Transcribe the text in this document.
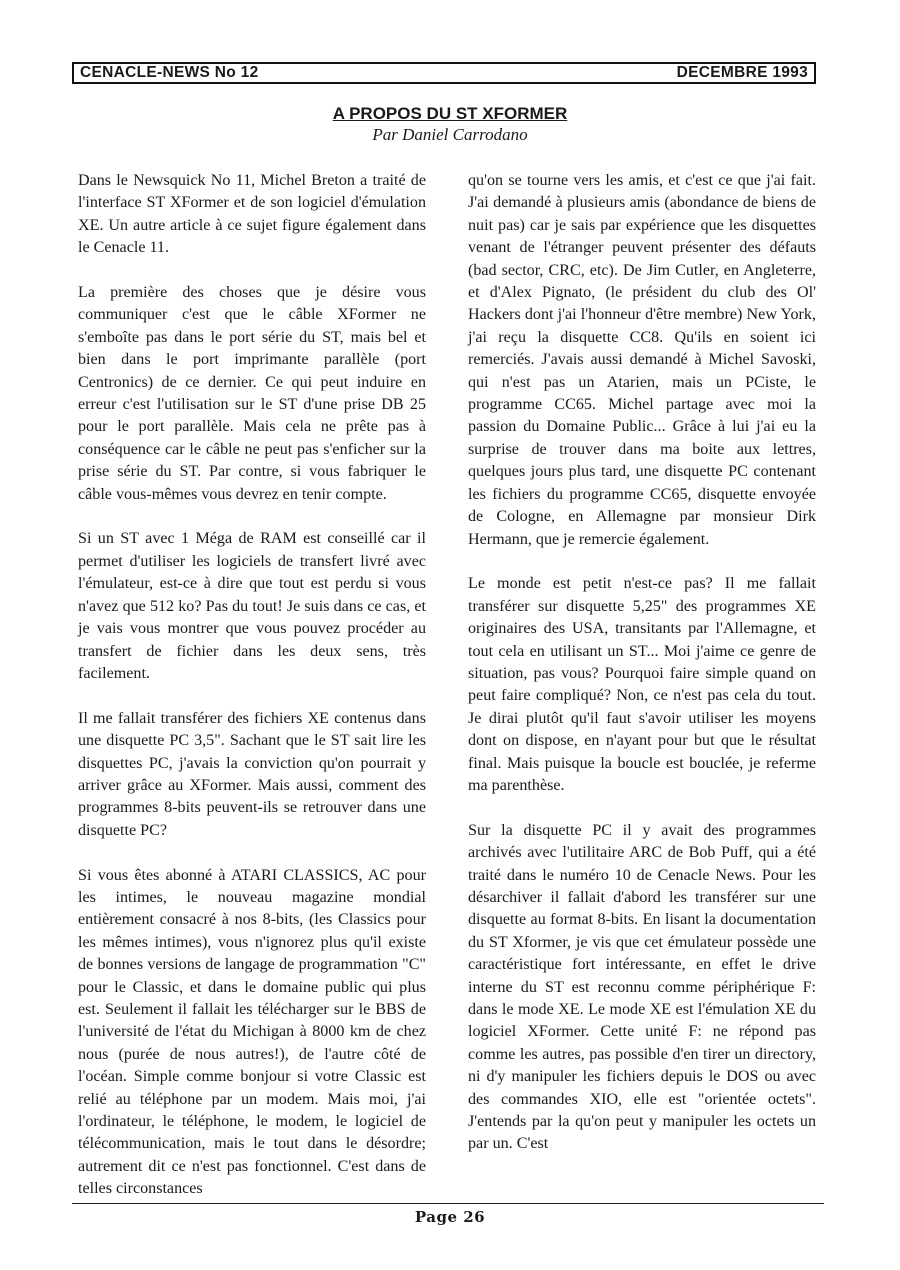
CENACLE-NEWS No 12	DECEMBRE 1993
A PROPOS DU ST XFORMER
Par Daniel Carrodano

Dans le Newsquick No 11, Michel Breton a traité de l'interface ST XFormer et de son logiciel d'émulation XE. Un autre article à ce sujet figure également dans le Cenacle 11.

La première des choses que je désire vous communiquer c'est que le câble XFormer ne s'emboîte pas dans le port série du ST, mais bel et bien dans le port imprimante parallèle (port Centronics) de ce dernier. Ce qui peut induire en erreur c'est l'utilisation sur le ST d'une prise DB 25 pour le port parallèle. Mais cela ne prête pas à conséquence car le câble ne peut pas s'enficher sur la prise série du ST. Par contre, si vous fabriquer le câble vous-mêmes vous devrez en tenir compte.

Si un ST avec 1 Méga de RAM est conseillé car il permet d'utiliser les logiciels de transfert livré avec l'émulateur, est-ce à dire que tout est perdu si vous n'avez que 512 ko? Pas du tout! Je suis dans ce cas, et je vais vous montrer que vous pouvez procéder au transfert de fichier dans les deux sens, très facilement.

Il me fallait transférer des fichiers XE contenus dans une disquette PC 3,5". Sachant que le ST sait lire les disquettes PC, j'avais la conviction qu'on pourrait y arriver grâce au XFormer. Mais aussi, comment des programmes 8-bits peuvent-ils se retrouver dans une disquette PC?

Si vous êtes abonné à ATARI CLASSICS, AC pour les intimes, le nouveau magazine mondial entièrement consacré à nos 8-bits, (les Classics pour les mêmes intimes), vous n'ignorez plus qu'il existe de bonnes versions de langage de programmation "C" pour le Classic, et dans le domaine public qui plus est. Seulement il fallait les télécharger sur le BBS de l'université de l'état du Michigan à 8000 km de chez nous (purée de nous autres!), de l'autre côté de l'océan. Simple comme bonjour si votre Classic est relié au téléphone par un modem. Mais moi, j'ai l'ordinateur, le téléphone, le modem, le logiciel de télécommunication, mais le tout dans le désordre; autrement dit ce n'est pas fonctionnel. C'est dans de telles circonstances

qu'on se tourne vers les amis, et c'est ce que j'ai fait. J'ai demandé à plusieurs amis (abondance de biens de nuit pas) car je sais par expérience que les disquettes venant de l'étranger peuvent présenter des défauts (bad sector, CRC, etc). De Jim Cutler, en Angleterre, et d'Alex Pignato, (le président du club des Ol' Hackers dont j'ai l'honneur d'être membre) New York, j'ai reçu la disquette CC8. Qu'ils en soient ici remerciés. J'avais aussi demandé à Michel Savoski, qui n'est pas un Atarien, mais un PCiste, le programme CC65. Michel partage avec moi la passion du Domaine Public... Grâce à lui j'ai eu la surprise de trouver dans ma boite aux lettres, quelques jours plus tard, une disquette PC contenant les fichiers du programme CC65, disquette envoyée de Cologne, en Allemagne par monsieur Dirk Hermann, que je remercie également.

Le monde est petit n'est-ce pas? Il me fallait transférer sur disquette 5,25" des programmes XE originaires des USA, transitants par l'Allemagne, et tout cela en utilisant un ST... Moi j'aime ce genre de situation, pas vous? Pourquoi faire simple quand on peut faire compliqué? Non, ce n'est pas cela du tout. Je dirai plutôt qu'il faut s'avoir utiliser les moyens dont on dispose, en n'ayant pour but que le résultat final. Mais puisque la boucle est bouclée, je referme ma parenthèse.

Sur la disquette PC il y avait des programmes archivés avec l'utilitaire ARC de Bob Puff, qui a été traité dans le numéro 10 de Cenacle News. Pour les désarchiver il fallait d'abord les transférer sur une disquette au format 8-bits. En lisant la documentation du ST Xformer, je vis que cet émulateur possède une caractéristique fort intéressante, en effet le drive interne du ST est reconnu comme périphérique F: dans le mode XE. Le mode XE est l'émulation XE du logiciel XFormer. Cette unité F: ne répond pas comme les autres, pas possible d'en tirer un directory, ni d'y manipuler les fichiers depuis le DOS ou avec des commandes XIO, elle est "orientée octets". J'entends par la qu'on peut y manipuler les octets un par un. C'est

Page 26
